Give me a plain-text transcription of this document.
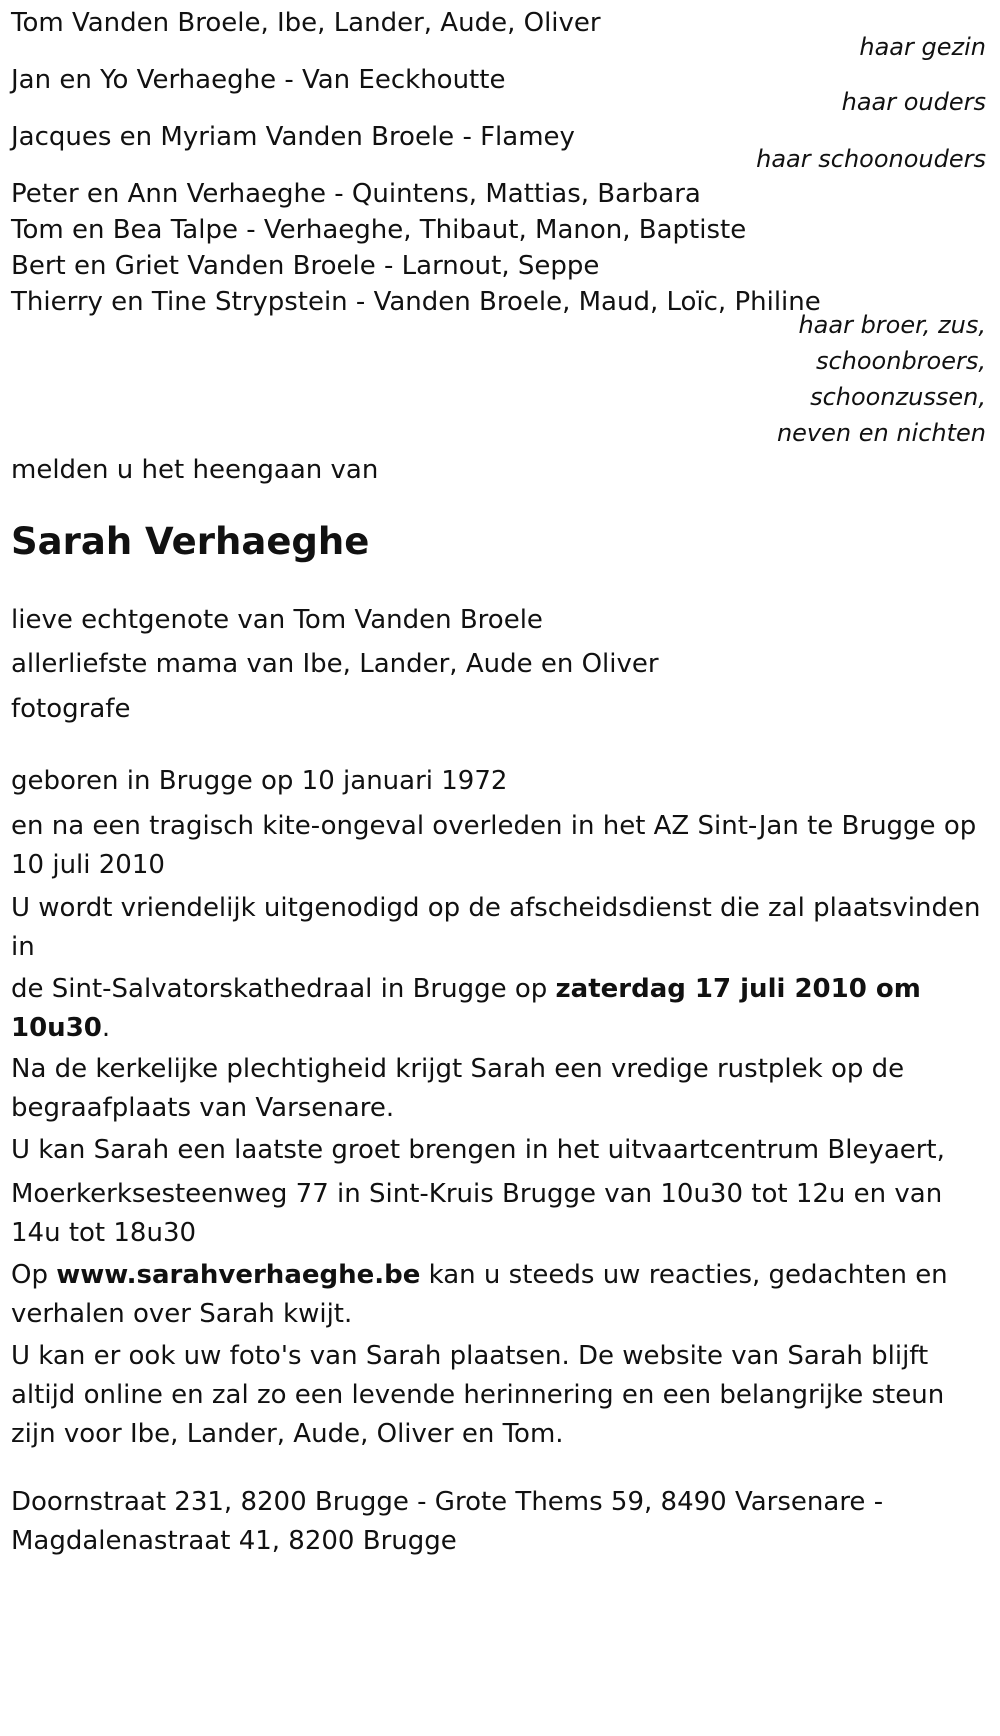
Tom Vanden Broele, Ibe, Lander, Aude, Oliver
haar gezin
Jan en Yo Verhaeghe - Van Eeckhoutte
haar ouders
Jacques en Myriam Vanden Broele - Flamey
haar schoonouders
Peter en Ann Verhaeghe - Quintens, Mattias, Barbara
Tom en Bea Talpe - Verhaeghe, Thibaut, Manon, Baptiste
Bert en Griet Vanden Broele - Larnout, Seppe
Thierry en Tine Strypstein - Vanden Broele, Maud, Loïc, Philine
haar broer, zus,
schoonbroers,
schoonzussen,
neven en nichten
melden u het heengaan van
Sarah Verhaeghe
lieve echtgenote van Tom Vanden Broele
allerliefste mama van Ibe, Lander, Aude en Oliver
fotografe
geboren in Brugge op 10 januari 1972
en na een tragisch kite-ongeval overleden in het AZ Sint-Jan te Brugge op 10 juli 2010
U wordt vriendelijk uitgenodigd op de afscheidsdienst die zal plaatsvinden in
de Sint-Salvatorskathedraal in Brugge op zaterdag 17 juli 2010 om 10u30.
Na de kerkelijke plechtigheid krijgt Sarah een vredige rustplek op de begraafplaats van Varsenare.
U kan Sarah een laatste groet brengen in het uitvaartcentrum Bleyaert,
Moerkerksesteenweg 77 in Sint-Kruis Brugge van 10u30 tot 12u en van 14u tot 18u30
Op www.sarahverhaeghe.be kan u steeds uw reacties, gedachten en verhalen over Sarah kwijt.
U kan er ook uw foto's van Sarah plaatsen. De website van Sarah blijft altijd online en zal zo een levende herinnering en een belangrijke steun zijn voor Ibe, Lander, Aude, Oliver en Tom.
Doornstraat 231, 8200 Brugge - Grote Thems 59, 8490 Varsenare - Magdalenastraat 41, 8200 Brugge
